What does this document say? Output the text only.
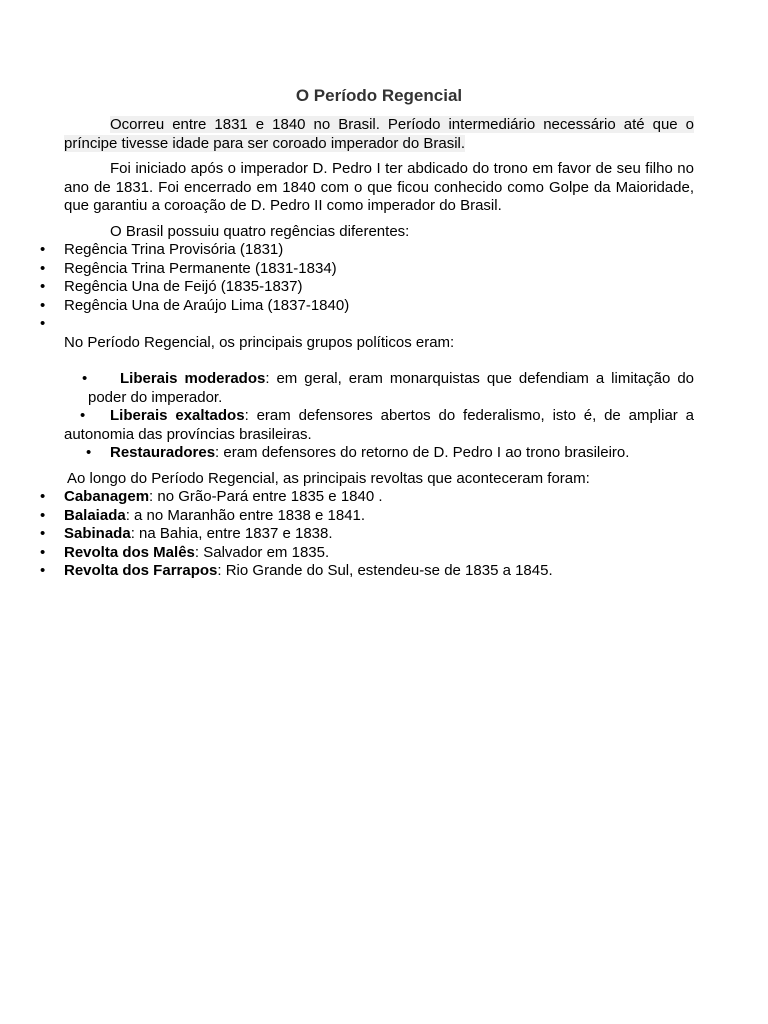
O Período Regencial

Ocorreu entre 1831 e 1840 no Brasil. Período intermediário necessário até que o príncipe tivesse idade para ser coroado imperador do Brasil.

Foi iniciado após o imperador D. Pedro I ter abdicado do trono em favor de seu filho no ano de 1831. Foi encerrado em 1840 com o que ficou conhecido como Golpe da Maioridade, que garantiu a coroação de D. Pedro II como imperador do Brasil.

O Brasil possuiu quatro regências diferentes:

• Regência Trina Provisória (1831)
• Regência Trina Permanente (1831-1834)
• Regência Una de Feijó (1835-1837)
• Regência Una de Araújo Lima (1837-1840)
•

No Período Regencial, os principais grupos políticos eram:

• Liberais moderados: em geral, eram monarquistas que defendiam a limitação do poder do imperador.
• Liberais exaltados: eram defensores abertos do federalismo, isto é, de ampliar a autonomia das províncias brasileiras.
• Restauradores: eram defensores do retorno de D. Pedro I ao trono brasileiro.

Ao longo do Período Regencial, as principais revoltas que aconteceram foram:

• Cabanagem: no Grão-Pará entre 1835 e 1840 .
• Balaiada: a no Maranhão entre 1838 e 1841.
• Sabinada: na Bahia, entre 1837 e 1838.
• Revolta dos Malês: Salvador em 1835.
• Revolta dos Farrapos: Rio Grande do Sul, estendeu-se de 1835 a 1845.
